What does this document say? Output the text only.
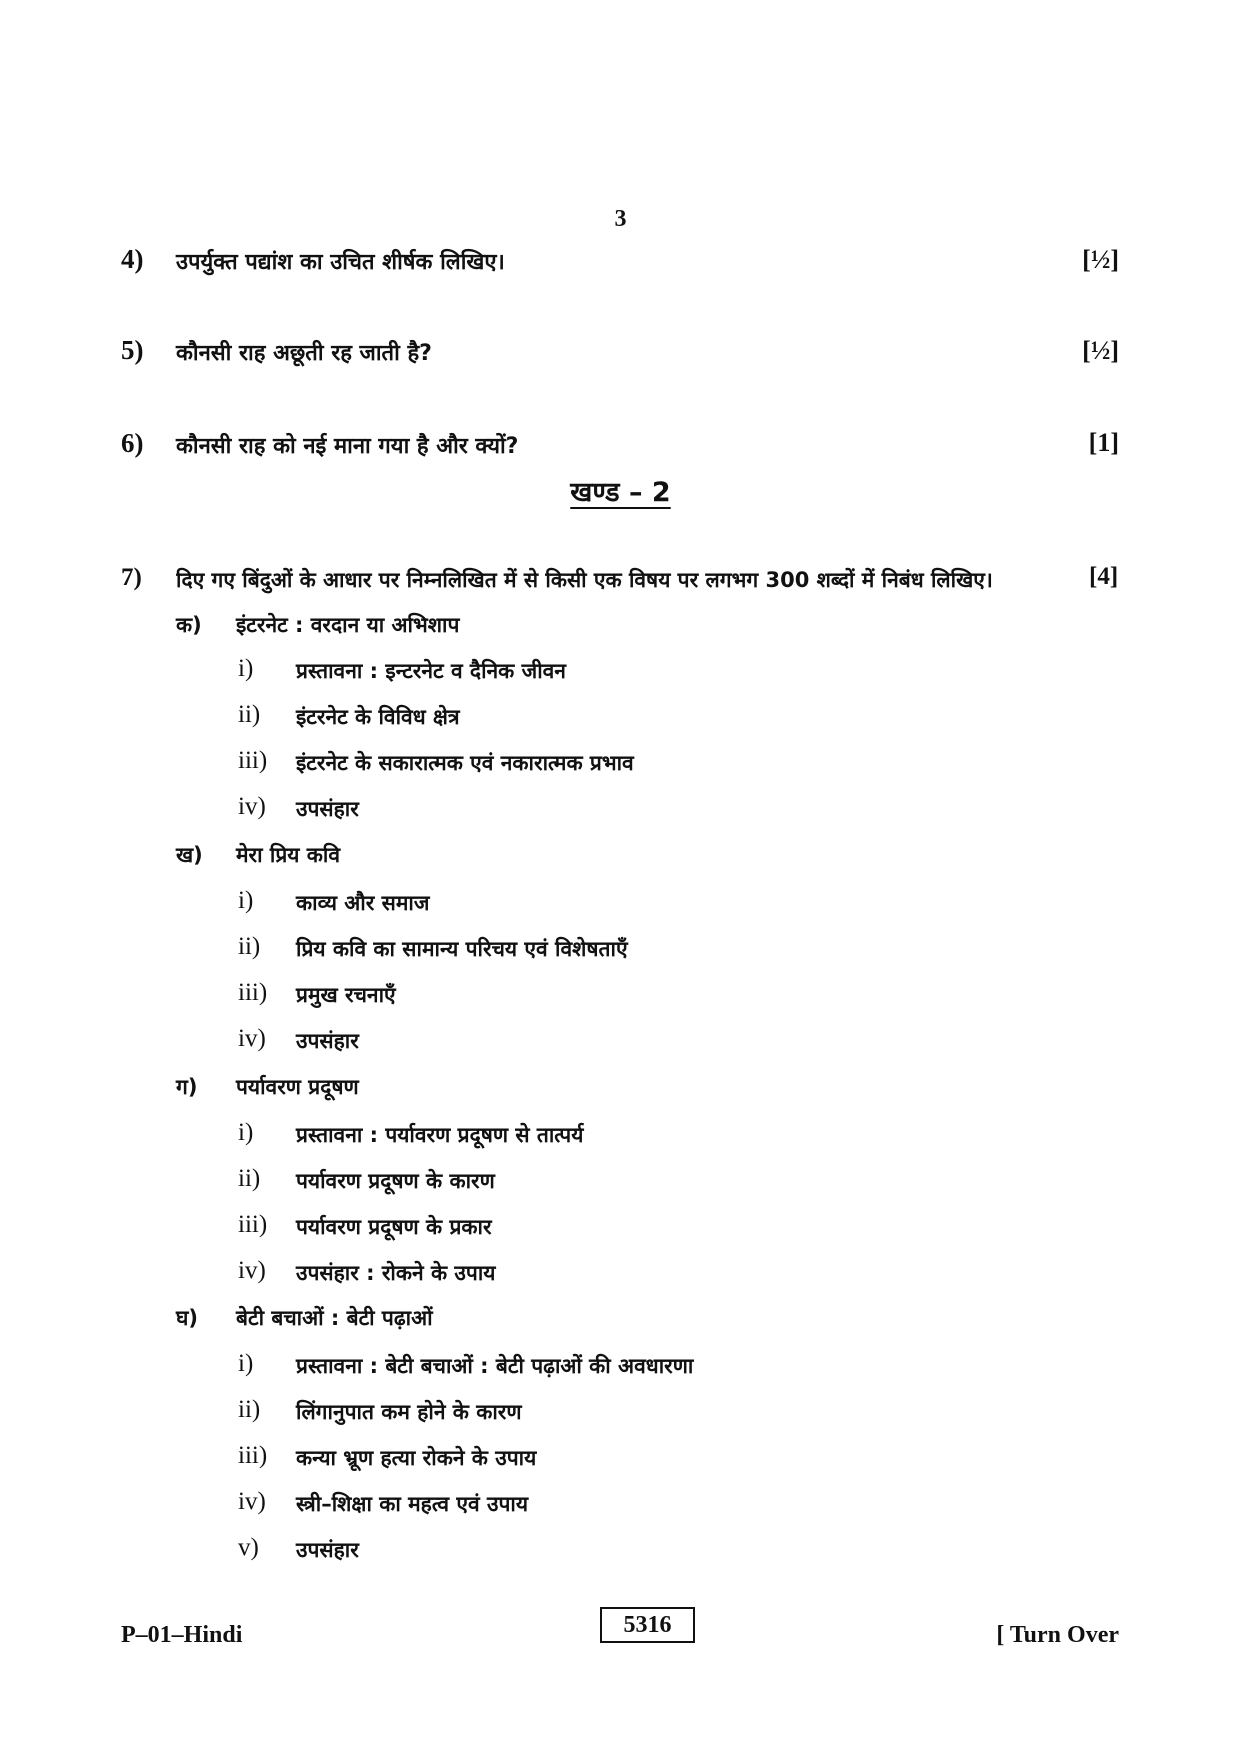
3
4) उपर्युक्त पद्यांश का उचित शीर्षक लिखिए।	[½]
5) कौनसी राह अछूती रह जाती है?	[½]
6) कौनसी राह को नई माना गया है और क्यों?	[1]
खण्ड – 2
7) दिए गए बिंदुओं के आधार पर निम्नलिखित में से किसी एक विषय पर लगभग 300 शब्दों में निबंध लिखिए।	[4]
क) इंटरनेट : वरदान या अभिशाप
i) प्रस्तावना : इन्टरनेट व दैनिक जीवन
ii) इंटरनेट के विविध क्षेत्र
iii) इंटरनेट के सकारात्मक एवं नकारात्मक प्रभाव
iv) उपसंहार
ख) मेरा प्रिय कवि
i) काव्य और समाज
ii) प्रिय कवि का सामान्य परिचय एवं विशेषताएँ
iii) प्रमुख रचनाएँ
iv) उपसंहार
ग) पर्यावरण प्रदूषण
i) प्रस्तावना : पर्यावरण प्रदूषण से तात्पर्य
ii) पर्यावरण प्रदूषण के कारण
iii) पर्यावरण प्रदूषण के प्रकार
iv) उपसंहार : रोकने के उपाय
घ) बेटी बचाओं : बेटी पढ़ाओं
i) प्रस्तावना : बेटी बचाओं : बेटी पढ़ाओं की अवधारणा
ii) लिंगानुपात कम होने के कारण
iii) कन्या भ्रूण हत्या रोकने के उपाय
iv) स्त्री–शिक्षा का महत्व एवं उपाय
v) उपसंहार
P–01–Hindi	5316	[ Turn Over
